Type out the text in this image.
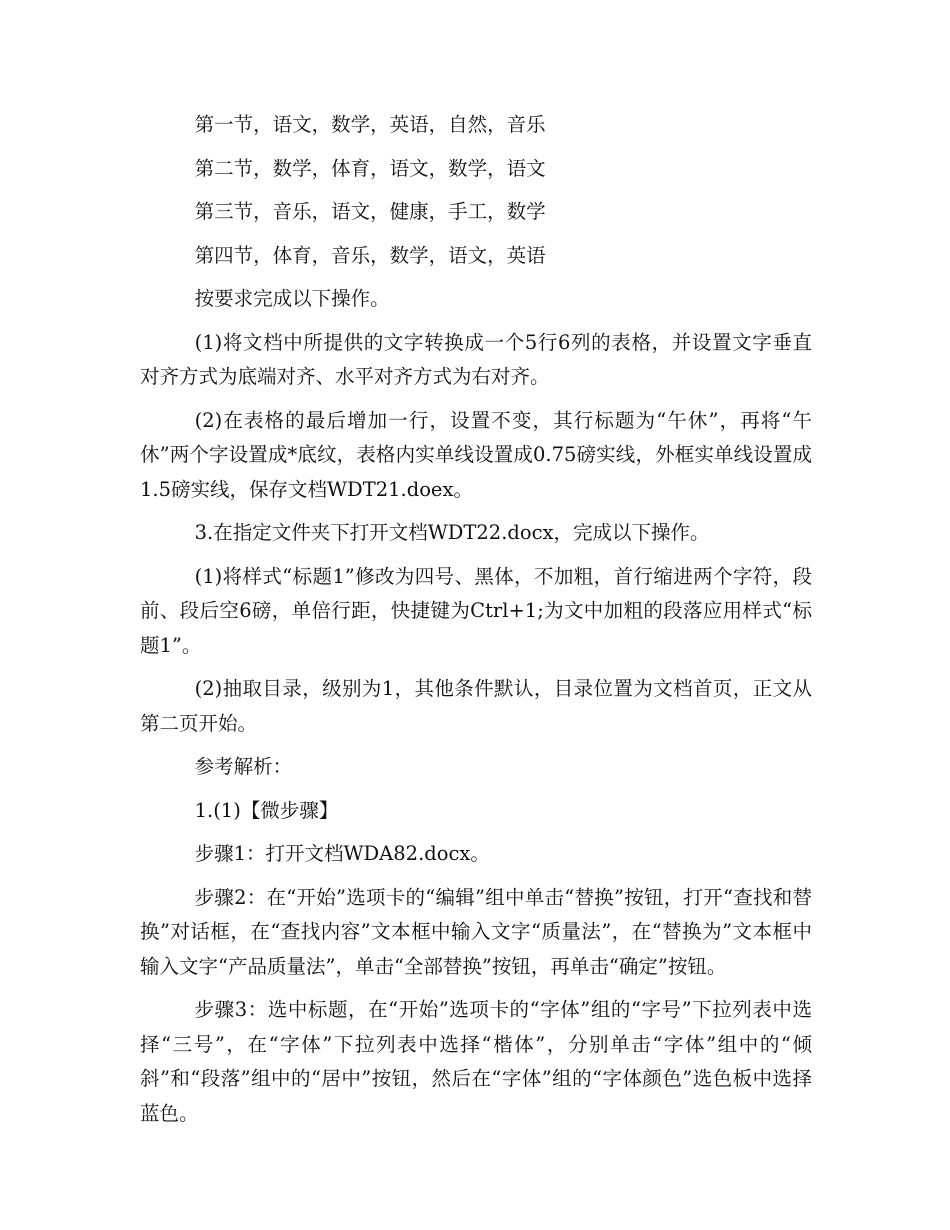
第一节，语文，数学，英语，自然，音乐

第二节，数学，体育，语文，数学，语文

第三节，音乐，语文，健康，手工，数学

第四节，体育，音乐，数学，语文，英语

按要求完成以下操作。

(1)将文档中所提供的文字转换成一个5行6列的表格，并设置文字垂直对齐方式为底端对齐、水平对齐方式为右对齐。

(2)在表格的最后增加一行，设置不变，其行标题为“午休”，再将“午休”两个字设置成*底纹，表格内实单线设置成0.75磅实线，外框实单线设置成1.5磅实线，保存文档WDT21.doex。

3.在指定文件夹下打开文档WDT22.docx，完成以下操作。

(1)将样式“标题1”修改为四号、黑体，不加粗，首行缩进两个字符，段前、段后空6磅，单倍行距，快捷键为Ctrl+1;为文中加粗的段落应用样式“标题1”。

(2)抽取目录，级别为1，其他条件默认，目录位置为文档首页，正文从第二页开始。

参考解析：

1.(1)【微步骤】

步骤1：打开文档WDA82.docx。

步骤2：在“开始”选项卡的“编辑”组中单击“替换”按钮，打开“查找和替换”对话框，在“查找内容”文本框中输入文字“质量法”，在“替换为”文本框中输入文字“产品质量法”，单击“全部替换”按钮，再单击“确定”按钮。

步骤3：选中标题，在“开始”选项卡的“字体”组的“字号”下拉列表中选择“三号”，在“字体”下拉列表中选择“楷体”，分别单击“字体”组中的“倾斜”和“段落”组中的“居中”按钮，然后在“字体”组的“字体颜色”选色板中选择蓝色。
